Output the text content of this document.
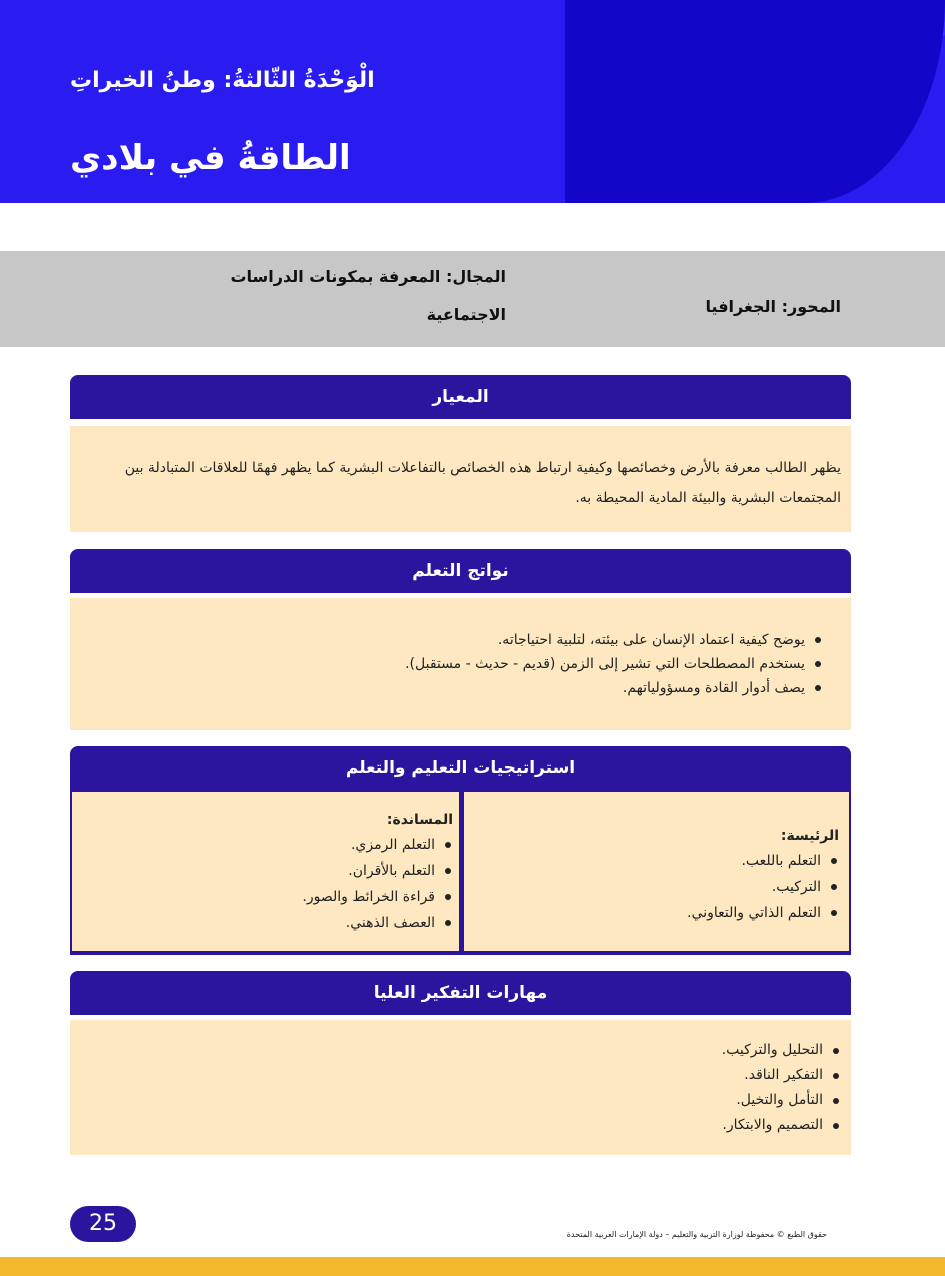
الْوَحْدَةُ الثّالثةُ: وطنُ الخيراتِ
الطاقةُ في بلادي
المجال: المعرفة بمكونات الدراسات الاجتماعية	المحور: الجغرافيا
المعيار
يظهر الطالب معرفة بالأرض وخصائصها وكيفية ارتباط هذه الخصائص بالتفاعلات البشرية كما يظهر فهمًا للعلاقات المتبادلة بين المجتمعات البشرية والبيئة المادية المحيطة به.
نواتج التعلم
يوضح كيفية اعتماد الإنسان على بيئته، لتلبية احتياجاته.
يستخدم المصطلحات التي تشير إلى الزمن (قديم - حديث - مستقبل).
يصف أدوار القادة ومسؤولياتهم.
استراتيجيات التعليم والتعلم
الرئيسة:
التعلم باللعب.
التركيب.
التعلم الذاتي والتعاوني.
المساندة:
التعلم الرمزي.
التعلم بالأقران.
قراءة الخرائط والصور.
العصف الذهني.
مهارات التفكير العليا
التحليل والتركيب.
التفكير الناقد.
التأمل والتخيل.
التصميم والابتكار.
25	حقوق الطبع © محفوظة لوزارة التربية والتعليم – دولة الإمارات العربية المتحدة
